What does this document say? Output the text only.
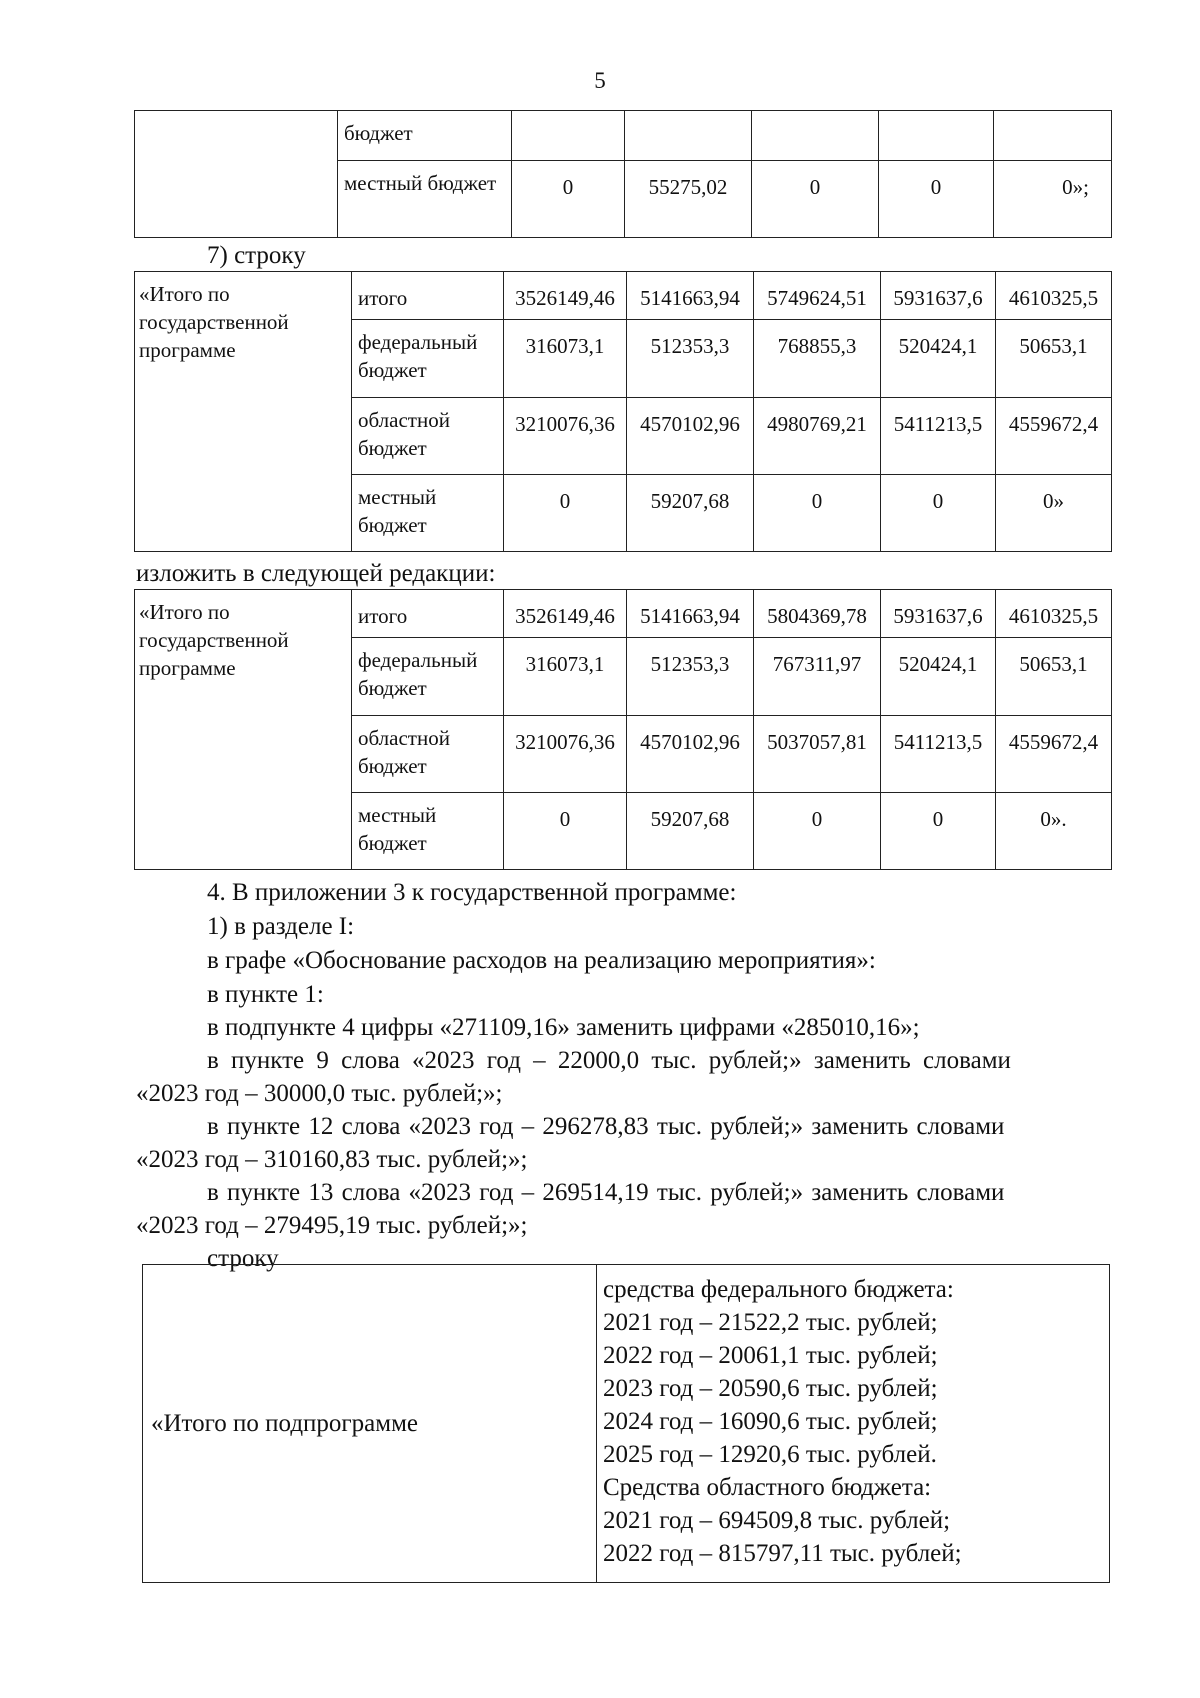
5
	бюджет					
	местный бюджет	0	55275,02	0	0	0»;
7) строку
«Итого по государственной программе	итого	3526149,46	5141663,94	5749624,51	5931637,6	4610325,5
	федеральный бюджет	316073,1	512353,3	768855,3	520424,1	50653,1
	областной бюджет	3210076,36	4570102,96	4980769,21	5411213,5	4559672,4
	местный бюджет	0	59207,68	0	0	0»
изложить в следующей редакции:
«Итого по государственной программе	итого	3526149,46	5141663,94	5804369,78	5931637,6	4610325,5
	федеральный бюджет	316073,1	512353,3	767311,97	520424,1	50653,1
	областной бюджет	3210076,36	4570102,96	5037057,81	5411213,5	4559672,4
	местный бюджет	0	59207,68	0	0	0».
4. В приложении 3 к государственной программе:
1) в разделе I:
в графе «Обоснование расходов на реализацию мероприятия»:
в пункте 1:
в подпункте 4 цифры «271109,16» заменить цифрами «285010,16»;
в пункте 9 слова «2023 год – 22000,0 тыс. рублей;» заменить словами
«2023 год – 30000,0 тыс. рублей;»;
в пункте 12 слова «2023 год – 296278,83 тыс. рублей;» заменить словами
«2023 год – 310160,83 тыс. рублей;»;
в пункте 13 слова «2023 год – 269514,19 тыс. рублей;» заменить словами
«2023 год – 279495,19 тыс. рублей;»;
строку
«Итого по подпрограмме	
средства федерального бюджета:
2021 год – 21522,2 тыс. рублей;
2022 год – 20061,1 тыс. рублей;
2023 год – 20590,6 тыс. рублей;
2024 год – 16090,6 тыс. рублей;
2025 год – 12920,6 тыс. рублей.
Средства областного бюджета:
2021 год – 694509,8 тыс. рублей;
2022 год – 815797,11 тыс. рублей;
